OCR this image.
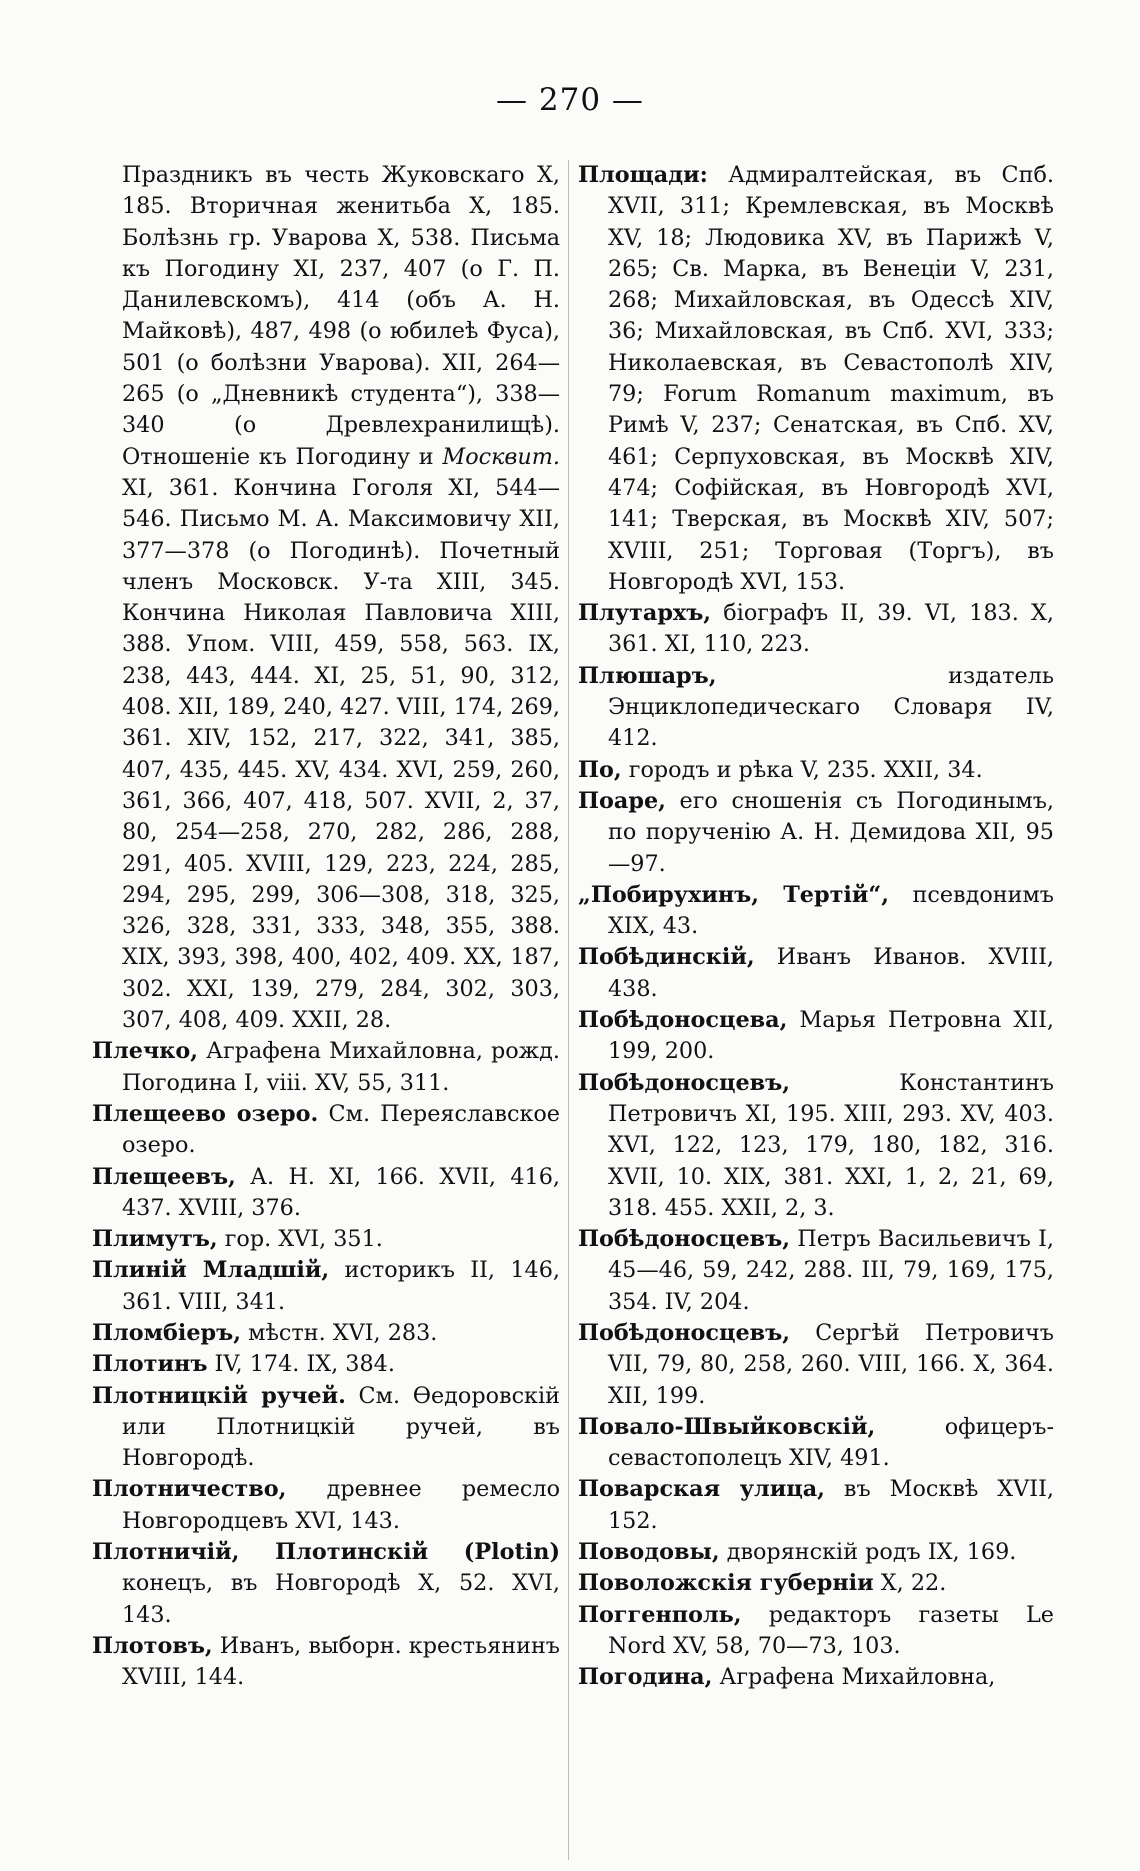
— 270 —

Праздникъ въ честь Жуковскаго X, 185. Вторичная женитьба X, 185. Болѣзнь гр. Уварова X, 538. Письма къ Погодину XI, 237, 407 (о Г. П. Данилевскомъ), 414 (объ А. Н. Майковѣ), 487, 498 (о юбилеѣ Фуса), 501 (о болѣзни Уварова). XII, 264—265 (о „Дневникѣ студента“), 338—340 (о Древлехранилищѣ). Отношеніе къ Погодину и Москвит. XI, 361. Кончина Гоголя XI, 544—546. Письмо М. А. Максимовичу XII, 377—378 (о Погодинѣ). Почетный членъ Московск. У-та XIII, 345. Кончина Николая Павловича XIII, 388. Упом. VIII, 459, 558, 563. IX, 238, 443, 444. XI, 25, 51, 90, 312, 408. XII, 189, 240, 427. VIII, 174, 269, 361. XIV, 152, 217, 322, 341, 385, 407, 435, 445. XV, 434. XVI, 259, 260, 361, 366, 407, 418, 507. XVII, 2, 37, 80, 254—258, 270, 282, 286, 288, 291, 405. XVIII, 129, 223, 224, 285, 294, 295, 299, 306—308, 318, 325, 326, 328, 331, 333, 348, 355, 388. XIX, 393, 398, 400, 402, 409. XX, 187, 302. XXI, 139, 279, 284, 302, 303, 307, 408, 409. XXII, 28.

Плечко, Аграфена Михайловна, рожд. Погодина I, viii. XV, 55, 311.

Плещеево озеро. См. Переяславское озеро.

Плещеевъ, А. Н. XI, 166. XVII, 416, 437. XVIII, 376.

Плимутъ, гор. XVI, 351.

Плиній Младшій, историкъ II, 146, 361. VIII, 341.

Пломбіеръ, мѣстн. XVI, 283.

Плотинъ IV, 174. IX, 384.

Плотницкій ручей. См. Ѳедоровскій или Плотницкій ручей, въ Новгородѣ.

Плотничество, древнее ремесло Новгородцевъ XVI, 143.

Плотничій, Плотинскій (Plotin) конецъ, въ Новгородѣ X, 52. XVI, 143.

Плотовъ, Иванъ, выборн. крестьянинъ XVIII, 144.

Площади: Адмиралтейская, въ Спб. XVII, 311; Кремлевская, въ Москвѣ XV, 18; Людовика XV, въ Парижѣ V, 265; Св. Марка, въ Венеціи V, 231, 268; Михайловская, въ Одессѣ XIV, 36; Михайловская, въ Спб. XVI, 333; Николаевская, въ Севастополѣ XIV, 79; Forum Romanum maximum, въ Римѣ V, 237; Сенатская, въ Спб. XV, 461; Серпуховская, въ Москвѣ XIV, 474; Софійская, въ Новгородѣ XVI, 141; Тверская, въ Москвѣ XIV, 507; XVIII, 251; Торговая (Торгъ), въ Новгородѣ XVI, 153.

Плутархъ, біографъ II, 39. VI, 183. X, 361. XI, 110, 223.

Плюшаръ, издатель Энциклопедическаго Словаря IV, 412.

По, городъ и рѣка V, 235. XXII, 34.

Поаре, его сношенія съ Погодинымъ, по порученію А. Н. Демидова XII, 95—97.

„Побирухинъ, Тертій“, псевдонимъ XIX, 43.

Побѣдинскій, Иванъ Иванов. XVIII, 438.

Побѣдоносцева, Марья Петровна XII, 199, 200.

Побѣдоносцевъ, Константинъ Петровичъ XI, 195. XIII, 293. XV, 403. XVI, 122, 123, 179, 180, 182, 316. XVII, 10. XIX, 381. XXI, 1, 2, 21, 69, 318. 455. XXII, 2, 3.

Побѣдоносцевъ, Петръ Васильевичъ I, 45—46, 59, 242, 288. III, 79, 169, 175, 354. IV, 204.

Побѣдоносцевъ, Сергѣй Петровичъ VII, 79, 80, 258, 260. VIII, 166. X, 364. XII, 199.

Повало-Швыйковскій, офицеръ-севастополецъ XIV, 491.

Поварская улица, въ Москвѣ XVII, 152.

Поводовы, дворянскій родъ IX, 169.

Поволожскія губерніи X, 22.

Поггенполь, редакторъ газеты Le Nord XV, 58, 70—73, 103.

Погодина, Аграфена Михайловна,
